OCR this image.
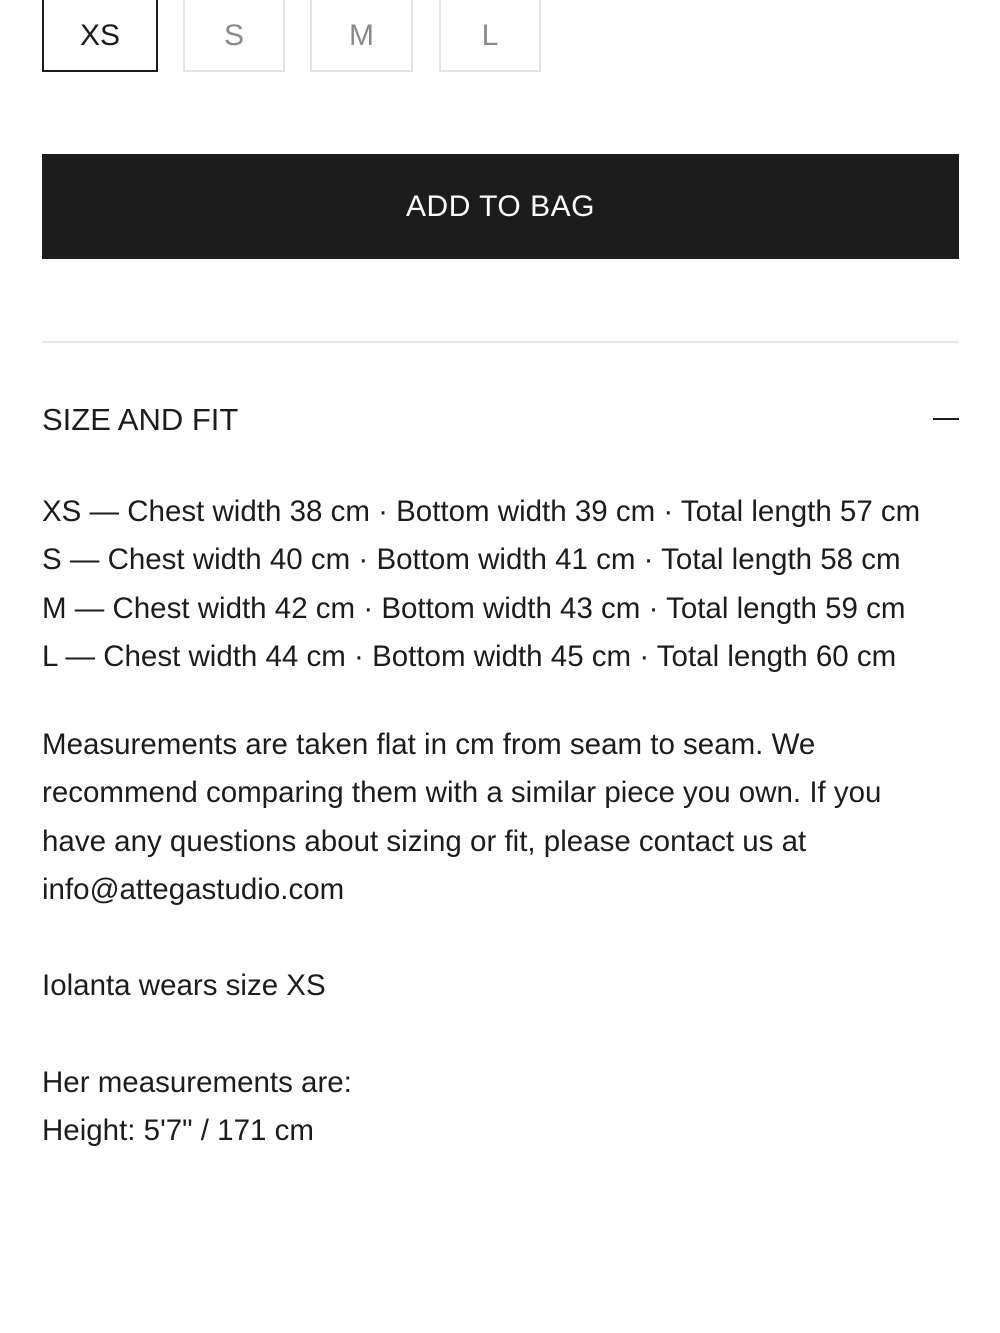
XS	S	M	L
ADD TO BAG
SIZE AND FIT

XS — Chest width 38 cm · Bottom width 39 cm · Total length 57 cm

S — Chest width 40 cm · Bottom width 41 cm · Total length 58 cm

M — Chest width 42 cm · Bottom width 43 cm · Total length 59 cm

L — Chest width 44 cm · Bottom width 45 cm · Total length 60 cm

Measurements are taken flat in cm from seam to seam. We recommend comparing them with a similar piece you own. If you have any questions about sizing or fit, please contact us at info@attegastudio.com

Iolanta wears size XS

Her measurements are:

Height: 5'7" / 171 cm
